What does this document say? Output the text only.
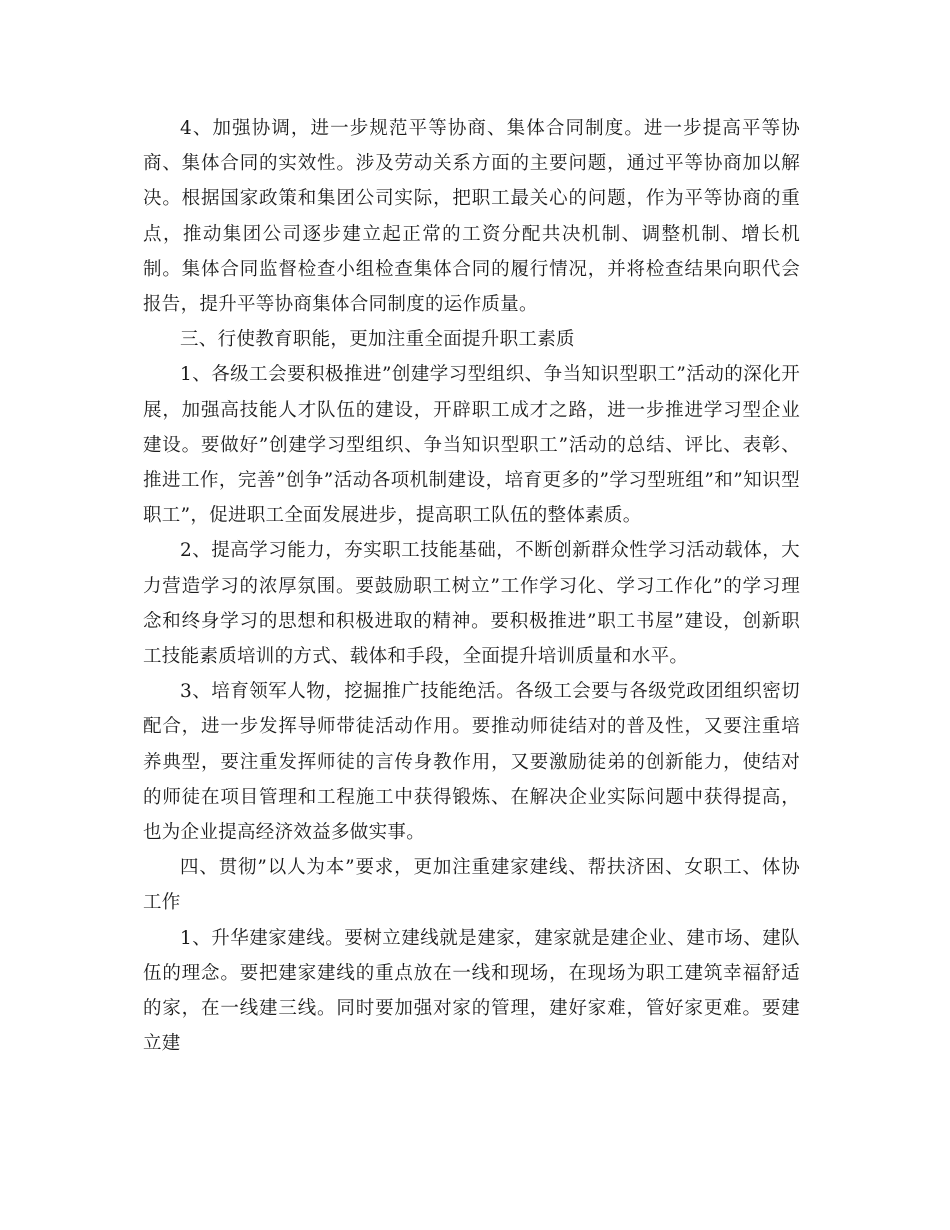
4、加强协调，进一步规范平等协商、集体合同制度。进一步提高平等协商、集体合同的实效性。涉及劳动关系方面的主要问题，通过平等协商加以解决。根据国家政策和集团公司实际，把职工最关心的问题，作为平等协商的重点，推动集团公司逐步建立起正常的工资分配共决机制、调整机制、增长机制。集体合同监督检查小组检查集体合同的履行情况，并将检查结果向职代会报告，提升平等协商集体合同制度的运作质量。

三、行使教育职能，更加注重全面提升职工素质

1、各级工会要积极推进”创建学习型组织、争当知识型职工”活动的深化开展，加强高技能人才队伍的建设，开辟职工成才之路，进一步推进学习型企业建设。要做好”创建学习型组织、争当知识型职工”活动的总结、评比、表彰、推进工作，完善”创争”活动各项机制建设，培育更多的”学习型班组”和”知识型职工”，促进职工全面发展进步，提高职工队伍的整体素质。

2、提高学习能力，夯实职工技能基础，不断创新群众性学习活动载体，大力营造学习的浓厚氛围。要鼓励职工树立”工作学习化、学习工作化”的学习理念和终身学习的思想和积极进取的精神。要积极推进”职工书屋”建设，创新职工技能素质培训的方式、载体和手段，全面提升培训质量和水平。

3、培育领军人物，挖掘推广技能绝活。各级工会要与各级党政团组织密切配合，进一步发挥导师带徒活动作用。要推动师徒结对的普及性，又要注重培养典型，要注重发挥师徒的言传身教作用，又要激励徒弟的创新能力，使结对的师徒在项目管理和工程施工中获得锻炼、在解决企业实际问题中获得提高，也为企业提高经济效益多做实事。

四、贯彻”以人为本”要求，更加注重建家建线、帮扶济困、女职工、体协工作

1、升华建家建线。要树立建线就是建家，建家就是建企业、建市场、建队伍的理念。要把建家建线的重点放在一线和现场，在现场为职工建筑幸福舒适的家，在一线建三线。同时要加强对家的管理，建好家难，管好家更难。要建立建
